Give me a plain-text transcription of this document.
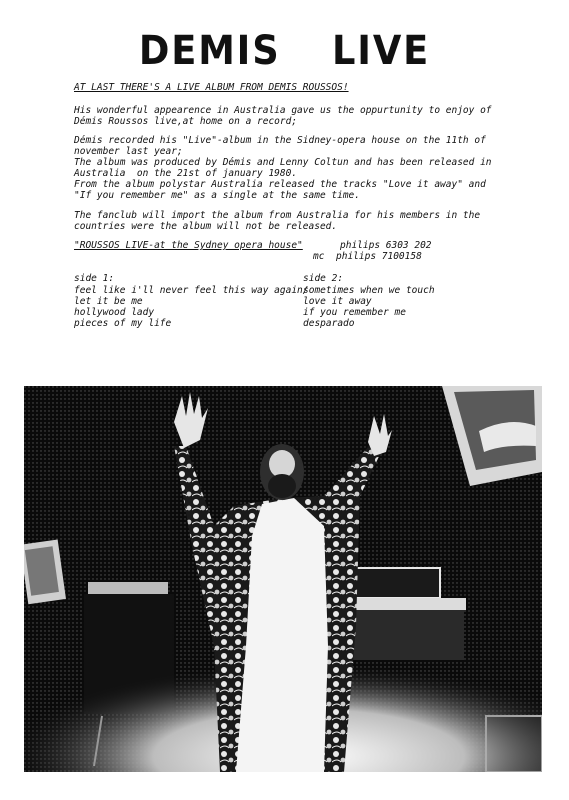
DEMIS LIVE
AT LAST THERE'S A LIVE ALBUM FROM DEMIS ROUSSOS!
His wonderful appearence in Australia gave us the oppurtunity to enjoy of
Démis Roussos live,at home on a record;
Démis recorded his "Live"-album in the Sidney-opera house on the 11th of
november last year;
The album was produced by Démis and Lenny Coltun and has been released in
Australia  on the 21st of january 1980.
From the album polystar Australia released the tracks "Love it away" and
"If you remember me" as a single at the same time.
The fanclub will import the album from Australia for his members in the
countries were the album will not be released.
"ROUSSOS LIVE-at the Sydney opera house"	philips 6303 202
mc philips 7100158
side 1:	side 2:
feel like i'll never feel this way again/
let it be me
hollywood lady
pieces of my life
sometimes when we touch
love it away
if you remember me
desparado
